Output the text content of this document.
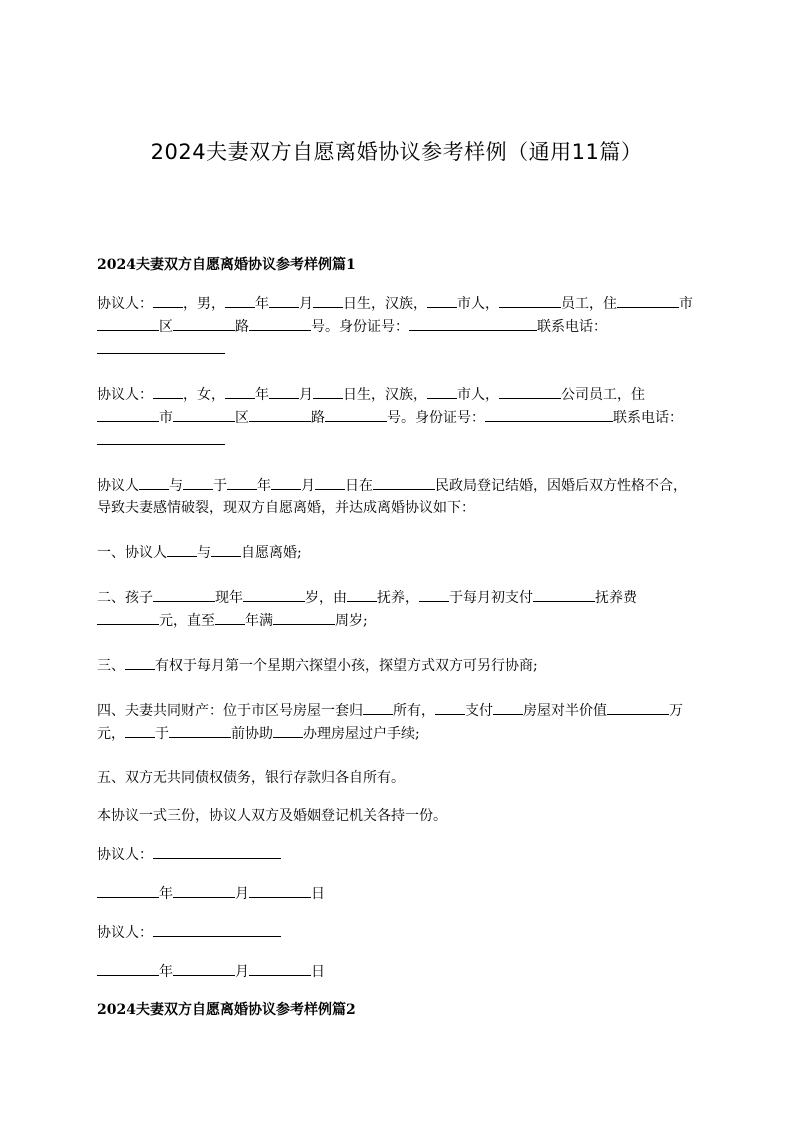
2024夫妻双方自愿离婚协议参考样例（通用11篇）

2024夫妻双方自愿离婚协议参考样例篇1

协议人： ，男， 年 月 日生，汉族， 市人，	员工，住	市区	路	号。身份证号：	联系电话：

协议人： ，女， 年 月 日生，汉族， 市人，	公司员工，住市	区	路	号。身份证号：	联系电话：

协议人 与 于 年 月 日在	民政局登记结婚，因婚后双方性格不合，导致夫妻感情破裂，现双方自愿离婚，并达成离婚协议如下：

一、协议人 与 自愿离婚;

二、孩子	现年	岁，由 抚养， 于每月初支付	抚养费元，直至 年满	周岁;

三、 有权于每月第一个星期六探望小孩，探望方式双方可另行协商;

四、夫妻共同财产：位于市区号房屋一套归 所有， 支付 房屋对半价值	万元， 于	前协助 办理房屋过户手续;

五、双方无共同债权债务，银行存款归各自所有。

本协议一式三份，协议人双方及婚姻登记机关各持一份。

协议人：

年	月	日

协议人：

年	月	日

2024夫妻双方自愿离婚协议参考样例篇2
